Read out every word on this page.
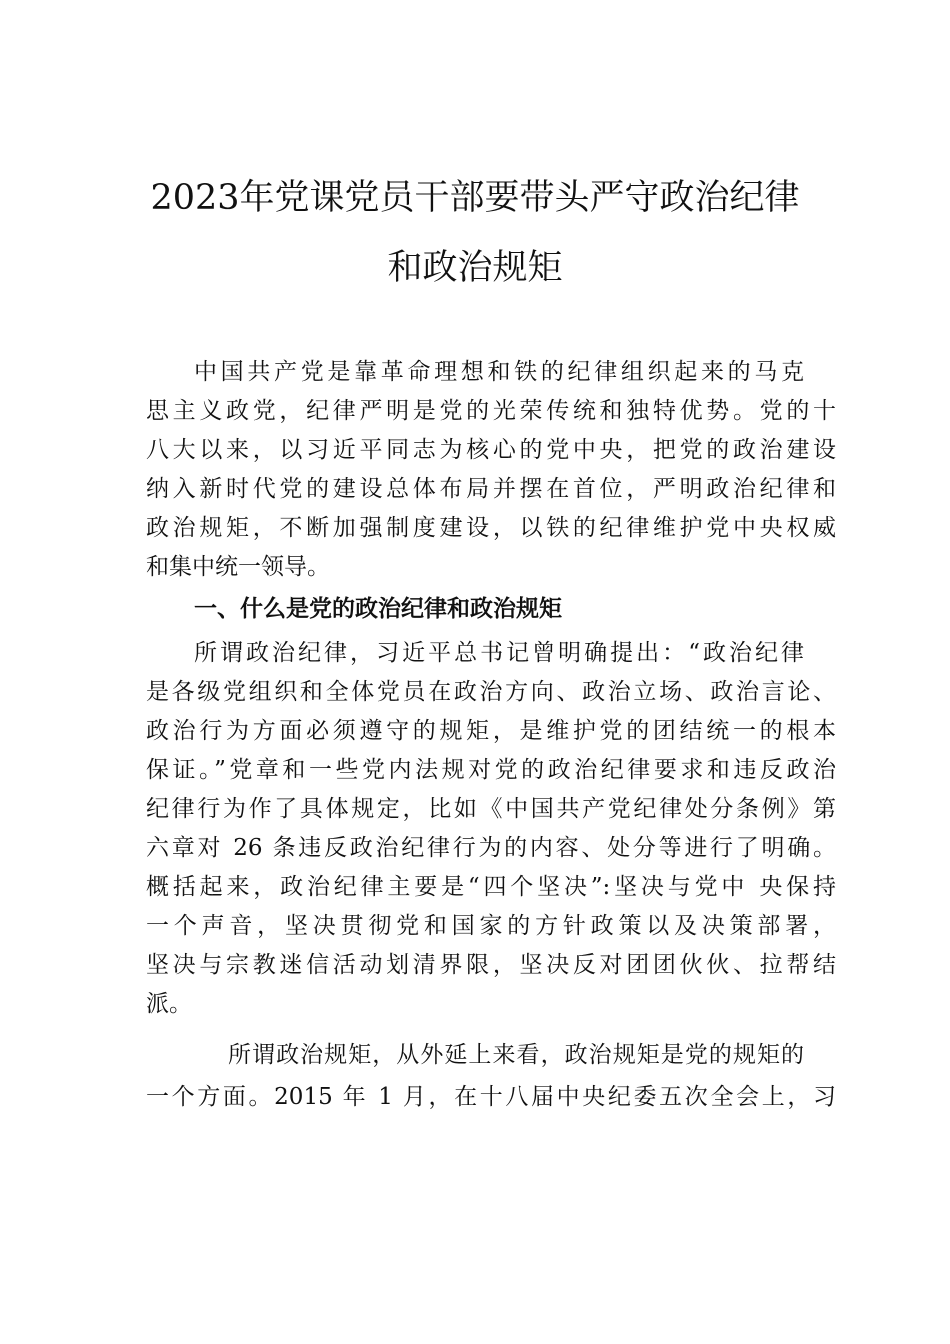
2023年党课党员干部要带头严守政治纪律
和政治规矩
中国共产党是靠革命理想和铁的纪律组织起来的马克
思主义政党，纪律严明是党的光荣传统和独特优势。党的十
八大以来，以习近平同志为核心的党中央，把党的政治建设
纳入新时代党的建设总体布局并摆在首位，严明政治纪律和
政治规矩，不断加强制度建设，以铁的纪律维护党中央权威
和集中统一领导。
一、什么是党的政治纪律和政治规矩
所谓政治纪律，习近平总书记曾明确提出：“政治纪律
是各级党组织和全体党员在政治方向、政治立场、政治言论、
政治行为方面必须遵守的规矩，是维护党的团结统一的根本
保证。”党章和一些党内法规对党的政治纪律要求和违反政治
纪律行为作了具体规定，比如《中国共产党纪律处分条例》第
六章对 26 条违反政治纪律行为的内容、处分等进行了明确。
概括起来，政治纪律主要是“四个坚决”:坚决与党中 央保持
一个声音，坚决贯彻党和国家的方针政策以及决策部署，
坚决与宗教迷信活动划清界限，坚决反对团团伙伙、拉帮结
派。
所谓政治规矩，从外延上来看，政治规矩是党的规矩的
一个方面。2015 年 1 月，在十八届中央纪委五次全会上，习
